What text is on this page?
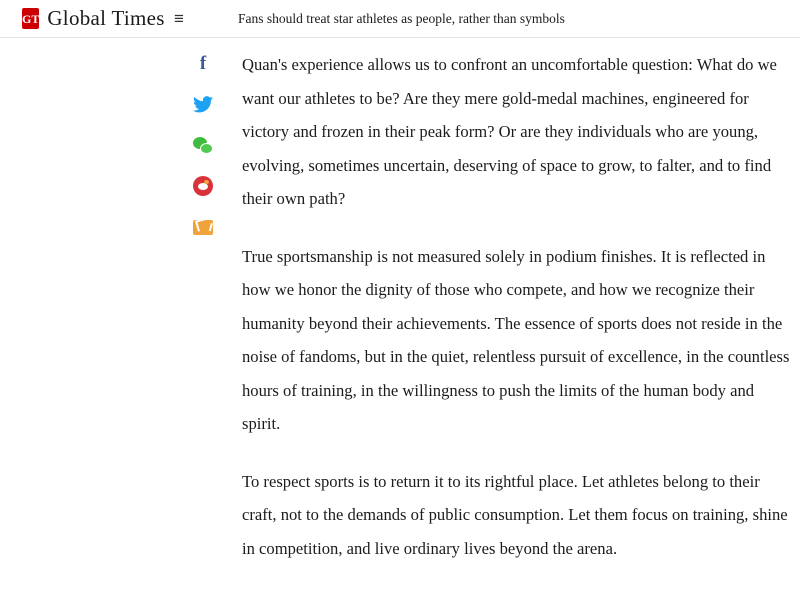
GT Global Times ≡	Fans should treat star athletes as people, rather than symbols
f Quan's experience allows us to confront an uncomfortable question: What do we want our athletes to be? Are they mere gold-medal machines, engineered for victory and frozen in their peak form? Or are they individuals who are young, evolving, sometimes uncertain, deserving of space to grow, to falter, and to find their own path?

True sportsmanship is not measured solely in podium finishes. It is reflected in how we honor the dignity of those who compete, and how we recognize their humanity beyond their achievements. The essence of sports does not reside in the noise of fandoms, but in the quiet, relentless pursuit of excellence, in the countless hours of training, in the willingness to push the limits of the human body and spirit.

To respect sports is to return it to its rightful place. Let athletes belong to their craft, not to the demands of public consumption. Let them focus on training, shine in competition, and live ordinary lives beyond the arena.
